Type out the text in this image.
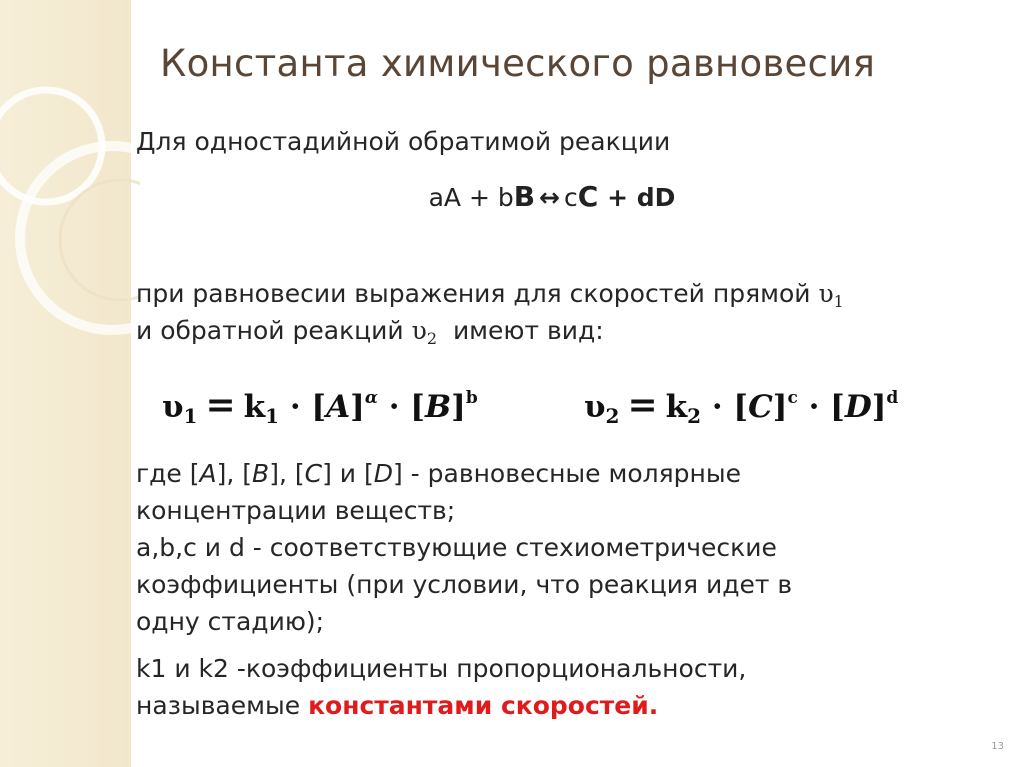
Константа химического равновесия
Для одностадийной обратимой реакции
aA + bB ↔ cC + dD
при равновесии выражения для скоростей прямой $\upsilon_1$
и обратной реакций $\upsilon_2$ имеют вид:
$\upsilon_1 = k_1 \cdot [A]^\alpha \cdot [B]^b$	$\upsilon_2 = k_2 \cdot [C]^c \cdot [D]^d$
где [A], [B], [C] и [D] - равновесные молярные
концентрации веществ;
a,b,c и d - соответствующие стехиометрические
коэффициенты (при условии, что реакция идет в
одну стадию);
k1 и k2 -коэффициенты пропорциональности,
называемые константами скоростей.
13
